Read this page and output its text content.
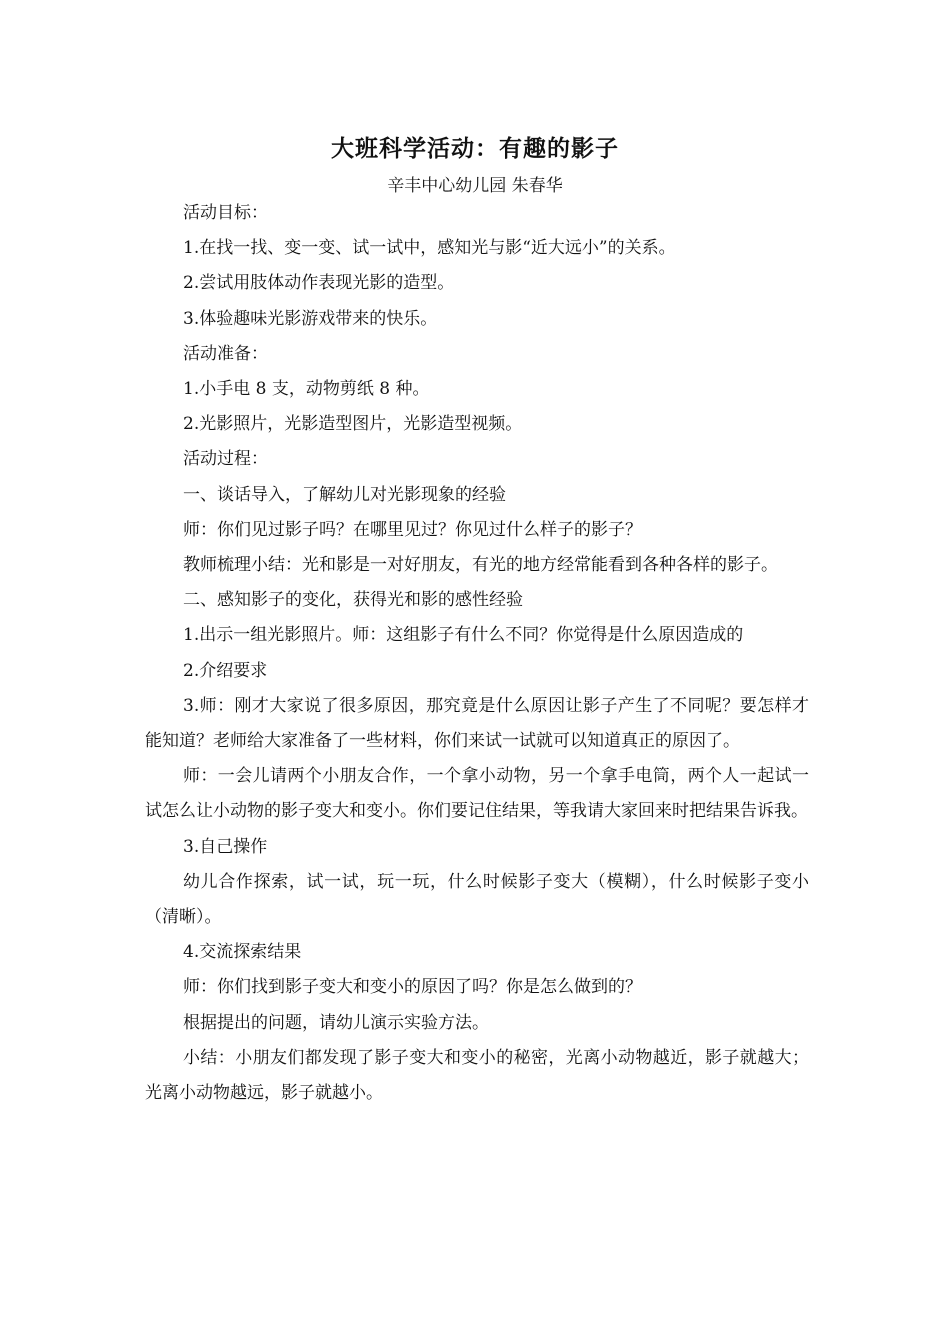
大班科学活动：有趣的影子
辛丰中心幼儿园 朱春华

活动目标：

1.在找一找、变一变、试一试中，感知光与影“近大远小”的关系。

2.尝试用肢体动作表现光影的造型。

3.体验趣味光影游戏带来的快乐。

活动准备：

1.小手电 8 支，动物剪纸 8 种。

2.光影照片，光影造型图片，光影造型视频。

活动过程：

一、谈话导入，了解幼儿对光影现象的经验

师：你们见过影子吗？在哪里见过？你见过什么样子的影子？

教师梳理小结：光和影是一对好朋友，有光的地方经常能看到各种各样的影子。

二、感知影子的变化，获得光和影的感性经验

1.出示一组光影照片。师：这组影子有什么不同？你觉得是什么原因造成的

2.介绍要求

3.师：刚才大家说了很多原因，那究竟是什么原因让影子产生了不同呢？要怎样才能知道？老师给大家准备了一些材料，你们来试一试就可以知道真正的原因了。

师：一会儿请两个小朋友合作，一个拿小动物，另一个拿手电筒，两个人一起试一试怎么让小动物的影子变大和变小。你们要记住结果，等我请大家回来时把结果告诉我。

3.自己操作

幼儿合作探索，试一试，玩一玩，什么时候影子变大（模糊），什么时候影子变小（清晰）。

4.交流探索结果

师：你们找到影子变大和变小的原因了吗？你是怎么做到的？

根据提出的问题，请幼儿演示实验方法。

小结：小朋友们都发现了影子变大和变小的秘密，光离小动物越近，影子就越大；光离小动物越远，影子就越小。
